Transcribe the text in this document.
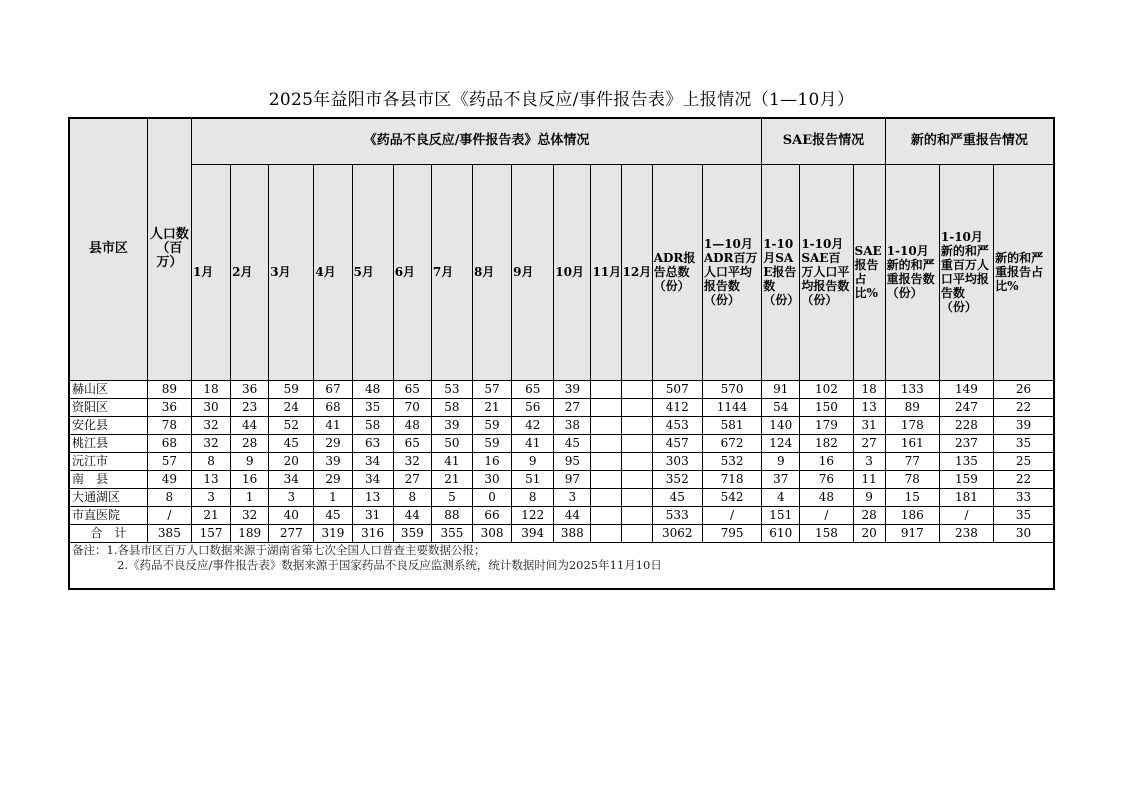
2025年益阳市各县市区《药品不良反应/事件报告表》上报情况（1—10月）
县市区	人口数（百万）	《药品不良反应/事件报告表》总体情况														SAE报告情况			新的和严重报告情况		
		1月	2月	3月	4月	5月	6月	7月	8月	9月	10月	11月	12月	ADR报告总数（份）	1—10月ADR百万人口平均报告数（份）	1-10月SAE报告数（份）	1-10月SAE百万人口平均报告数（份）	SAE报告占比%	1-10月新的和严重报告数（份）	1-10月新的和严重百万人口平均报告数（份）	新的和严重报告占比%
赫山区	89	18	36	59	67	48	65	53	57	65	39			507	570	91	102	18	133	149	26
资阳区	36	30	23	24	68	35	70	58	21	56	27			412	1144	54	150	13	89	247	22
安化县	78	32	44	52	41	58	48	39	59	42	38			453	581	140	179	31	178	228	39
桃江县	68	32	28	45	29	63	65	50	59	41	45			457	672	124	182	27	161	237	35
沅江市	57	8	9	20	39	34	32	41	16	9	95			303	532	9	16	3	77	135	25
南　县	49	13	16	34	29	34	27	21	30	51	97			352	718	37	76	11	78	159	22
大通湖区	8	3	1	3	1	13	8	5	0	8	3			45	542	4	48	9	15	181	33
市直医院	/	21	32	40	45	31	44	88	66	122	44			533	/	151	/	28	186	/	35
合　计	385	157	189	277	319	316	359	355	308	394	388			3062	795	610	158	20	917	238	30

备注：1.各县市区百万人口数据来源于湖南省第七次全国人口普查主要数据公报；
2.《药品不良反应/事件报告表》数据来源于国家药品不良反应监测系统，统计数据时间为2025年11月10日																					
